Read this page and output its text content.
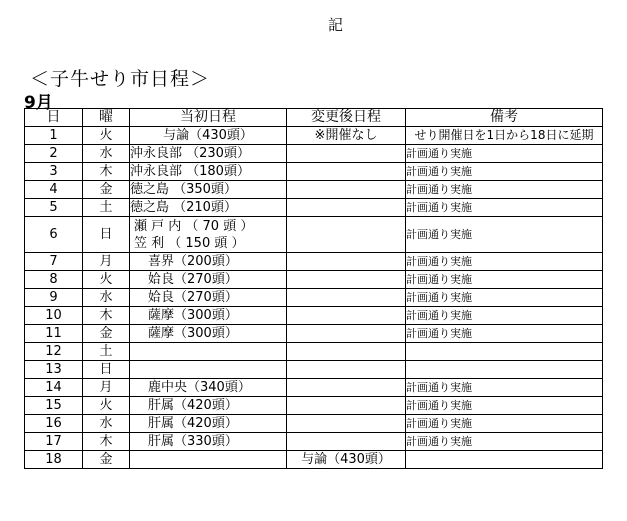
記
＜子牛せり市日程＞
9月
日	曜	当初日程	変更後日程	備考
1	火	与論（430頭）	※開催なし	せり開催日を1日から18日に延期
2	水	沖永良部 （230頭）		計画通り実施
3	木	沖永良部 （180頭）		計画通り実施
4	金	徳之島 （350頭）		計画通り実施
5	土	徳之島 （210頭）		計画通り実施
6	日	瀬 戸 内 （ 70 頭 ）
笠 利 （ 150 頭 ）		計画通り実施
7	月	喜界（200頭）		計画通り実施
8	火	姶良（270頭）		計画通り実施
9	水	姶良（270頭）		計画通り実施
10	木	薩摩（300頭）		計画通り実施
11	金	薩摩（300頭）		計画通り実施
12	土			
13	日			
14	月	鹿中央（340頭）		計画通り実施
15	火	肝属（420頭）		計画通り実施
16	水	肝属（420頭）		計画通り実施
17	木	肝属（330頭）		計画通り実施
18	金		与論（430頭）	
